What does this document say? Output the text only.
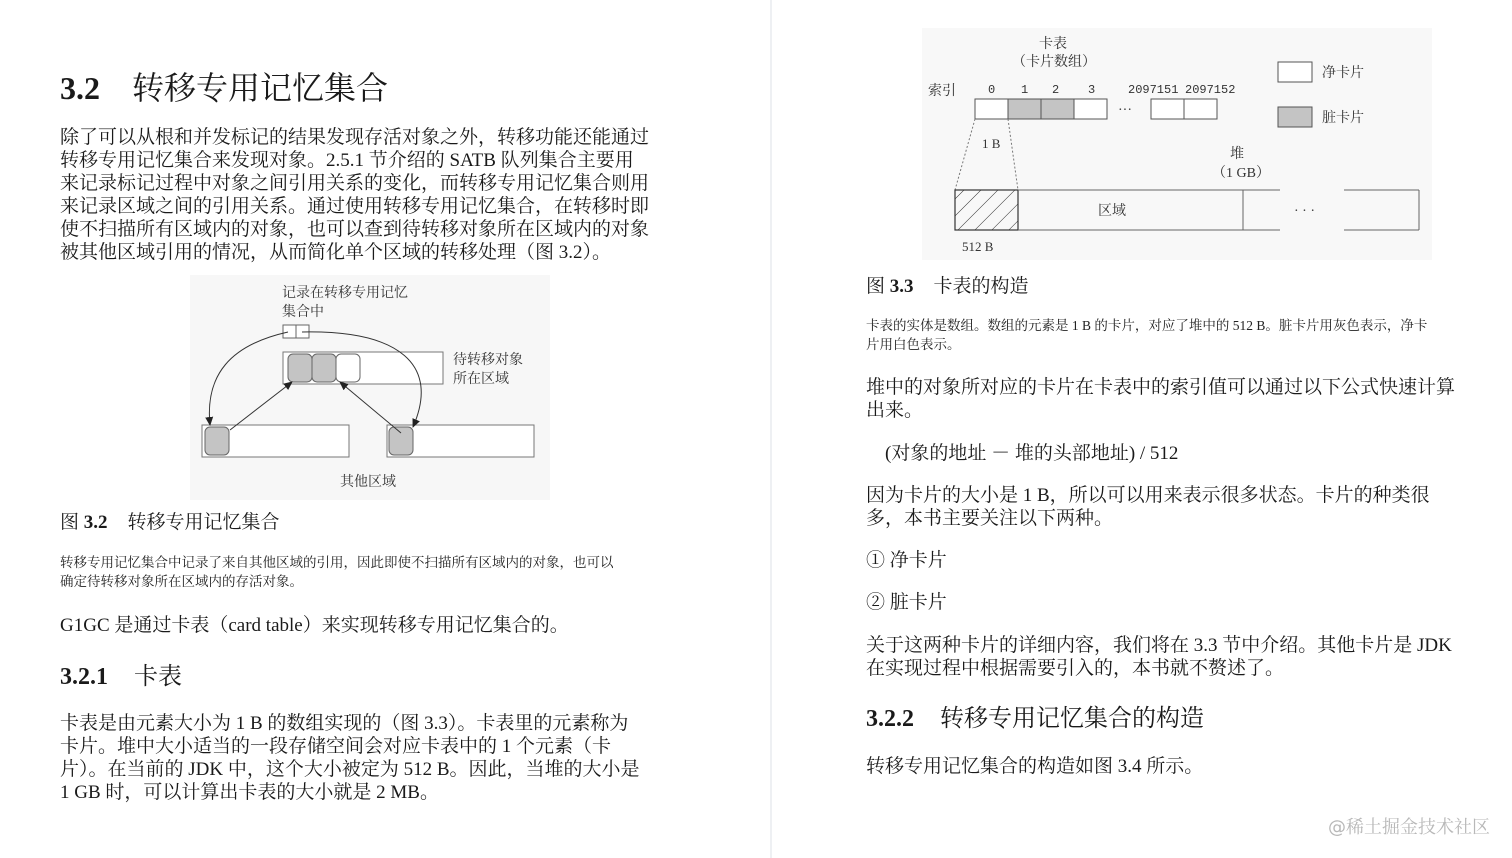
3.2 转移专用记忆集合
除了可以从根和并发标记的结果发现存活对象之外，转移功能还能通过
转移专用记忆集合来发现对象。2.5.1 节介绍的 SATB 队列集合主要用
来记录标记过程中对象之间引用关系的变化，而转移专用记忆集合则用
来记录区域之间的引用关系。通过使用转移专用记忆集合，在转移时即
使不扫描所有区域内的对象，也可以查到待转移对象所在区域内的对象
被其他区域引用的情况，从而简化单个区域的转移处理（图 3.2）。
记录在转移专用记忆
集合中
待转移对象
所在区域
其他区域
图 3.2 转移专用记忆集合
转移专用记忆集合中记录了来自其他区域的引用，因此即使不扫描所有区域内的对象，也可以
确定待转移对象所在区域内的存活对象。
G1GC 是通过卡表（card table）来实现转移专用记忆集合的。
3.2.1 卡表
卡表是由元素大小为 1 B 的数组实现的（图 3.3）。卡表里的元素称为
卡片。堆中大小适当的一段存储空间会对应卡表中的 1 个元素（卡
片）。在当前的 JDK 中，这个大小被定为 512 B。因此，当堆的大小是
1 GB 时，可以计算出卡表的大小就是 2 MB。
卡表
（卡片数组）
索引	0 1 2 3	2097151 2097152
···
净卡片
脏卡片
1 B
堆
（1 GB）
区域	· · ·
512 B
图 3.3 卡表的构造
卡表的实体是数组。数组的元素是 1 B 的卡片，对应了堆中的 512 B。脏卡片用灰色表示，净卡
片用白色表示。
堆中的对象所对应的卡片在卡表中的索引值可以通过以下公式快速计算
出来。
(对象的地址 － 堆的头部地址) / 512
因为卡片的大小是 1 B，所以可以用来表示很多状态。卡片的种类很
多，本书主要关注以下两种。
① 净卡片
② 脏卡片
关于这两种卡片的详细内容，我们将在 3.3 节中介绍。其他卡片是 JDK
在实现过程中根据需要引入的，本书就不赘述了。
3.2.2 转移专用记忆集合的构造
转移专用记忆集合的构造如图 3.4 所示。
@稀土掘金技术社区
